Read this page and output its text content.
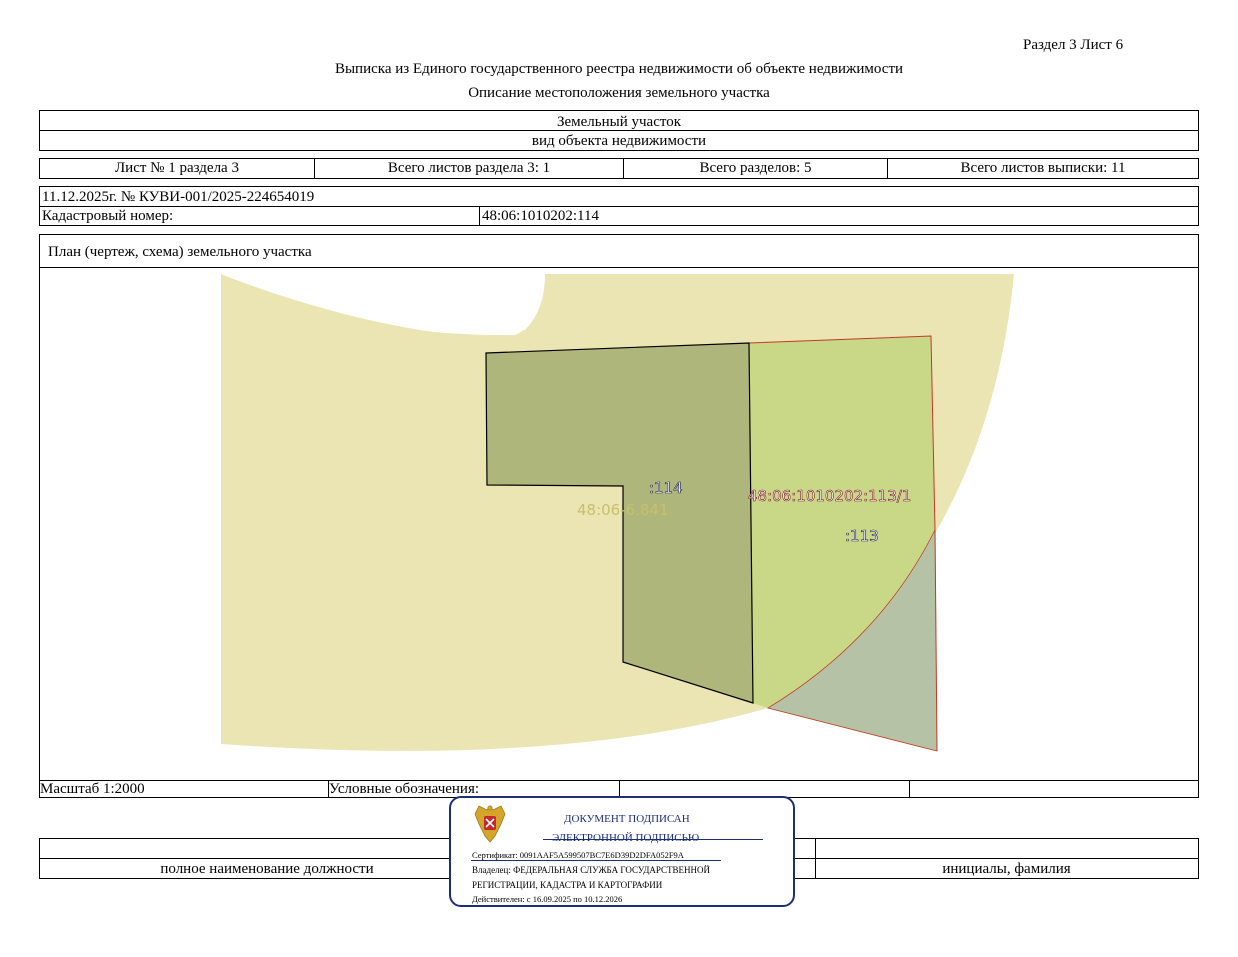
Раздел 3 Лист 6
Выписка из Единого государственного реестра недвижимости об объекте недвижимости
Описание местоположения земельного участка
Земельный участок
вид объекта недвижимости
Лист № 1 раздела 3	Всего листов раздела 3: 1	Всего разделов: 5	Всего листов выписки: 11
11.12.2025г. № КУВИ-001/2025-224654019
Кадастровый номер:	48:06:1010202:114
План (чертеж, схема) земельного участка
:114
48:06-6.841
48:06:1010202:113/1
:113
Масштаб 1:2000	Условные обозначения:
полное наименование должности	инициалы, фамилия
ДОКУМЕНТ ПОДПИСАН
ЭЛЕКТРОННОЙ ПОДПИСЬЮ
Сертификат: 0091AAF5A599507BC7E6D39D2DFA052F9A
Владелец: ФЕДЕРАЛЬНАЯ СЛУЖБА ГОСУДАРСТВЕННОЙ
РЕГИСТРАЦИИ, КАДАСТРА И КАРТОГРАФИИ
Действителен: с 16.09.2025 по 10.12.2026
